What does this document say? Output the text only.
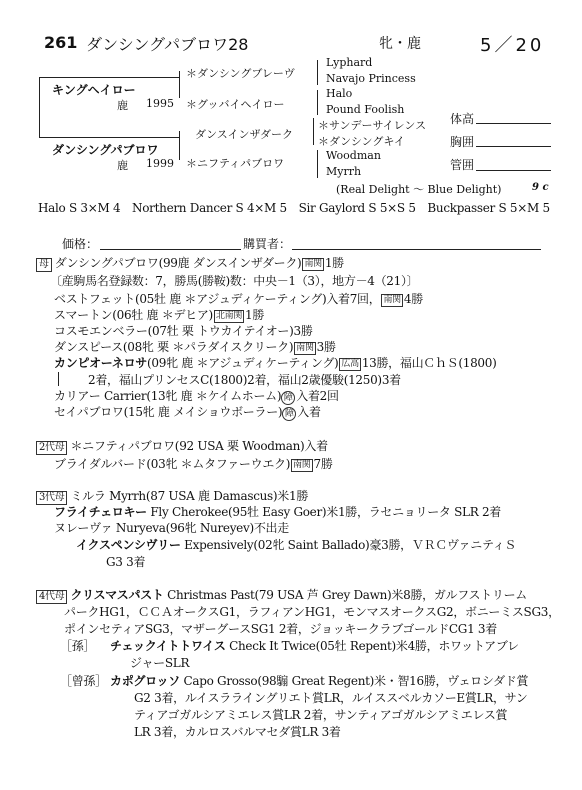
261 ダンシングパブロワ28	牝・鹿	5／20
キングヘイロー
鹿 1995
ダンシングパブロワ
鹿 1999
＊ダンシングブレーヴ
＊グッバイヘイロー
ダンスインザダーク
＊ニフティパブロワ
Lyphard
Navajo Princess
Halo
Pound Foolish
＊サンデーサイレンス
＊ダンシングキイ
Woodman
Myrrh
(Real Delight ～ Blue Delight)	9 c
体高
胸囲
管囲
Halo S 3×M 4　Northern Dancer S 4×M 5　Sir Gaylord S 5×S 5　Buckpasser S 5×M 5
価格：	購買者：
母 ダンシングパブロワ(99鹿 ダンスインザダーク) 南関 1勝
〔産駒馬名登録数：7，勝馬(勝鞍)数：中央－1（3），地方－4（21）〕
ベストフェット(05牡 鹿 ＊アジュディケーティング)入着7回， 南関 4勝
スマートン(06牡 鹿 ＊デヒア) 北南関 1勝
コスモエンベラー(07牡 栗 トウカイテイオー)3勝
ダンスピース(08牝 栗 ＊パラダイスクリーク) 南関 3勝
カンピオーネロサ(09牝 鹿 ＊アジュディケーティング) 広高 13勝，福山ＣｈＳ(1800)
2着，福山プリンセスC(1800)2着，福山2歳優駿(1250)3着
カリアー Carrier(13牝 鹿 ＊ケイムホーム) 障 入着2回
セイパブロワ(15牝 鹿 メイショウボーラー) 障 入着
2代母 ＊ニフティパブロワ(92 USA 栗 Woodman)入着
ブライダルバード(03牝 ＊ムタファーウエク) 南関 7勝
3代母 ミルラ Myrrh(87 USA 鹿 Damascus)米1勝
フライチェロキー Fly Cherokee(95牡 Easy Goer)米1勝，ラセニョリータ SLR 2着
ヌレーヴァ Nuryeva(96牝 Nureyev)不出走
イクスペンシヴリー Expensively(02牝 Saint Ballado)豪3勝，ＶＲＣヴァニティＳ
G3 3着
4代母 クリスマスパスト Christmas Past(79 USA 芦 Grey Dawn)米8勝，ガルフストリーム
パークHG1，ＣＣＡオークスG1，ラフィアンHG1，モンマスオークスG2，ボニーミスSG3，
ポインセティアSG3，マザーグースSG1 2着，ジョッキークラブゴールドCG1 3着
［孫］ チェックイトトワイス Check It Twice(05牡 Repent)米4勝，ホワットアブレ
ジャーSLR
［曾孫］ カポグロッソ Capo Grosso(98騸 Great Regent)米・智16勝，ヴェロシダド賞
G2 3着，ルイスラライングリエト賞LR，ルイススベルカソーE賞LR，サン
ティアゴガルシアミエレス賞LR 2着，サンティアゴガルシアミエレス賞
LR 3着，カルロスバルマセダ賞LR 3着
